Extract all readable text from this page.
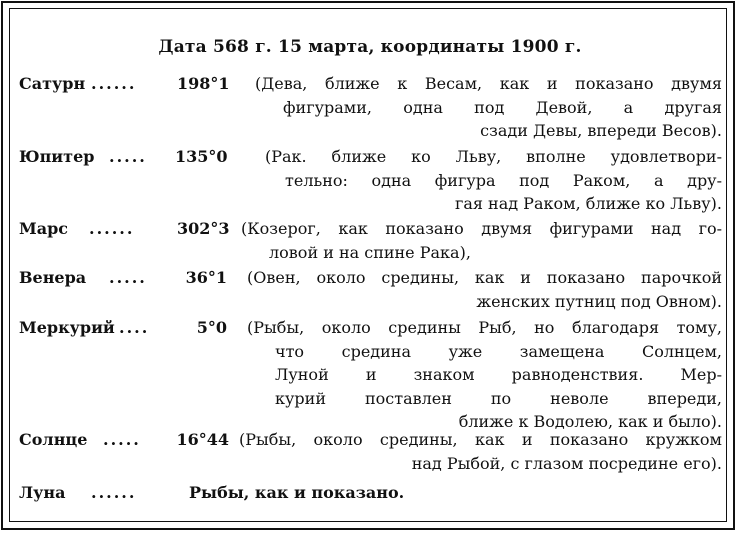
Дата 568 г. 15 марта, координаты 1900 г.
Сатурн ......	198°1 (Дева, ближе к Весам, как и показано двумя
фигурами, одна под Девой, а другая
сзади Девы, впереди Весов).
Юпитер ..... 135°0 (Рак. ближе ко Льву, вполне удовлетвори-
тельно: одна фигура под Раком, а дру-
гая над Раком, ближе ко Льву).
Марс ......	302°3 (Козерог, как показано двумя фигурами над го-
ловой и на спине Рака),
Венера .....	36°1 (Овен, около средины, как и показано парочкой
женских путниц под Овном).
Меркурий ....	5°0 (Рыбы, около средины Рыб, но благодаря тому,
что средина уже замещена Солнцем,
Луной и знаком равноденствия. Мер-
курий поставлен по неволе впереди,
ближе к Водолею, как и было).
Солнце .....	16°44 (Рыбы, около средины, как и показано кружком
над Рыбой, с глазом посредине его).
Луна ......	Рыбы, как и показано.
